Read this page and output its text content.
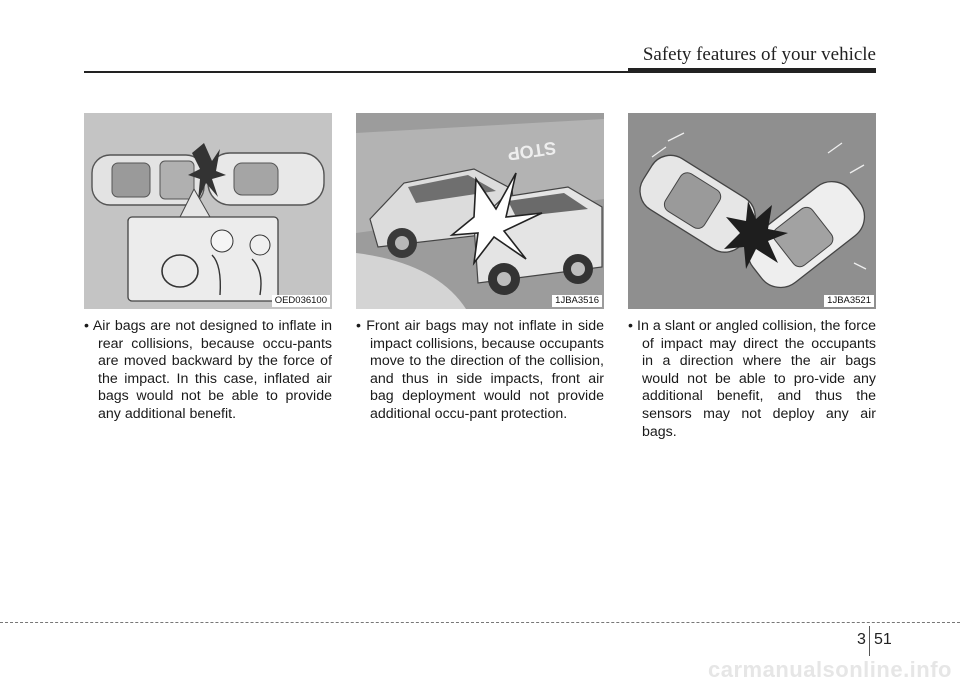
Safety features of your vehicle
OED036100
STOP
1JBA3516	1JBA3521
• Air bags are not designed to inflate in rear collisions, because occu-pants are moved backward by the force of the impact. In this case, inflated air bags would not be able to provide any additional benefit.
• Front air bags may not inflate in side impact collisions, because occupants move to the direction of the collision, and thus in side impacts, front air bag deployment would not provide additional occu-pant protection.
• In a slant or angled collision, the force of impact may direct the occupants in a direction where the air bags would not be able to pro-vide any additional benefit, and thus the sensors may not deploy any air bags.
3 51
carmanualsonline.info
